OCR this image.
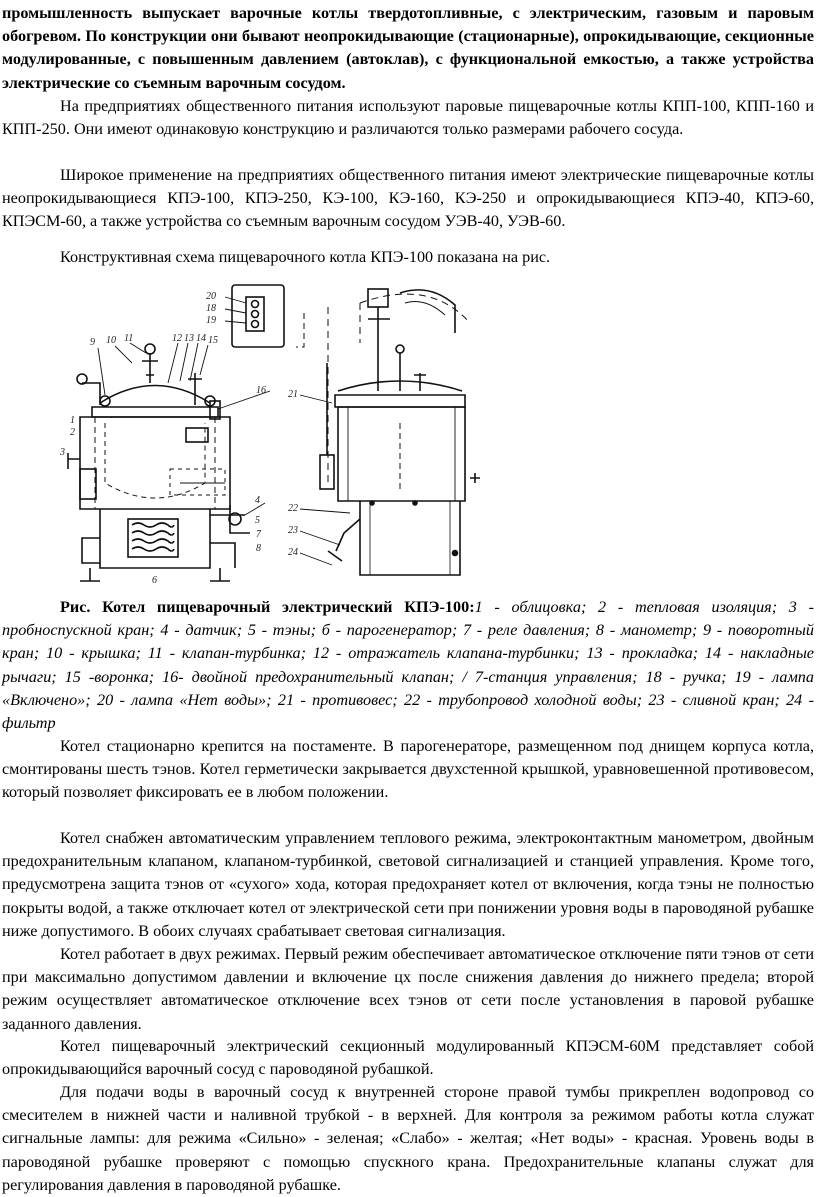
промышленность выпускает варочные котлы твердотопливные, с электрическим, газовым и паровым обогревом. По конструкции они бывают неопрокидывающие (стационарные), опрокидывающие, секционные модулированные, с повышенным давлением (автоклав), с функциональной емкостью, а также устройства электрические со съемным варочным сосудом.

На предприятиях общественного питания используют паровые пищеварочные котлы КПП-100, КПП-160 и КПП-250. Они имеют одинаковую конструкцию и различаются только размерами рабочего сосуда.

Широкое применение на предприятиях общественного питания имеют электрические пищеварочные котлы неопрокидывающиеся КПЭ-100, КПЭ-250, КЭ-100, КЭ-160, КЭ-250 и опрокидывающиеся КПЭ-40, КПЭ-60, КПЭСМ-60, а также устройства со съемным варочным сосудом УЭВ-40, УЭВ-60.

Конструктивная схема пищеварочного котла КПЭ-100 показана на рис.

9 10 11	12 13 14 15
16
3
4
5
6
7
8
1
2
20
18
19
21
22
23
24

Рис. Котел пищеварочный электрический КПЭ-100:1 - облицовка; 2 - тепловая изоляция; 3 - пробноспускной кран; 4 - датчик; 5 - тэны; б - парогенератор; 7 - реле давления; 8 - манометр; 9 - поворотный кран; 10 - крышка; 11 - клапан-турбинка; 12 - отражатель клапана-турбинки; 13 - прокладка; 14 - накладные рычаги; 15 -воронка; 16- двойной предохранительный клапан; / 7-станция управления; 18 - ручка; 19 - лампа «Включено»; 20 - лампа «Нет воды»; 21 - противовес; 22 - трубопровод холодной воды; 23 - сливной кран; 24 - фильтр

Котел стационарно крепится на постаменте. В парогенераторе, размещенном под днищем корпуса котла, смонтированы шесть тэнов. Котел герметически закрывается двухстенной крышкой, уравновешенной противовесом, который позволяет фиксировать ее в любом положении.

Котел снабжен автоматическим управлением теплового режима, электроконтактным манометром, двойным предохранительным клапаном, клапаном-турбинкой, световой сигнализацией и станцией управления. Кроме того, предусмотрена защита тэнов от «сухого» хода, которая предохраняет котел от включения, когда тэны не полностью покрыты водой, а также отключает котел от электрической сети при понижении уровня воды в пароводяной рубашке ниже допустимого. В обоих случаях срабатывает световая сигнализация.

Котел работает в двух режимах. Первый режим обеспечивает автоматическое отключение пяти тэнов от сети при максимально допустимом давлении и включение цх после снижения давления до нижнего предела; второй режим осуществляет автоматическое отключение всех тэнов от сети после установления в паровой рубашке заданного давления.

Котел пищеварочный электрический секционный модулированный КПЭСМ-60М представляет собой опрокидывающийся варочный сосуд с пароводяной рубашкой.

Для подачи воды в варочный сосуд к внутренней стороне правой тумбы прикреплен водопровод со смесителем в нижней части и наливной трубкой - в верхней. Для контроля за режимом работы котла служат сигнальные лампы: для режима «Сильно» - зеленая; «Слабо» - желтая; «Нет воды» - красная. Уровень воды в пароводяной рубашке проверяют с помощью спускного крана. Предохранительные клапаны служат для регулирования давления в пароводяной рубашке.
